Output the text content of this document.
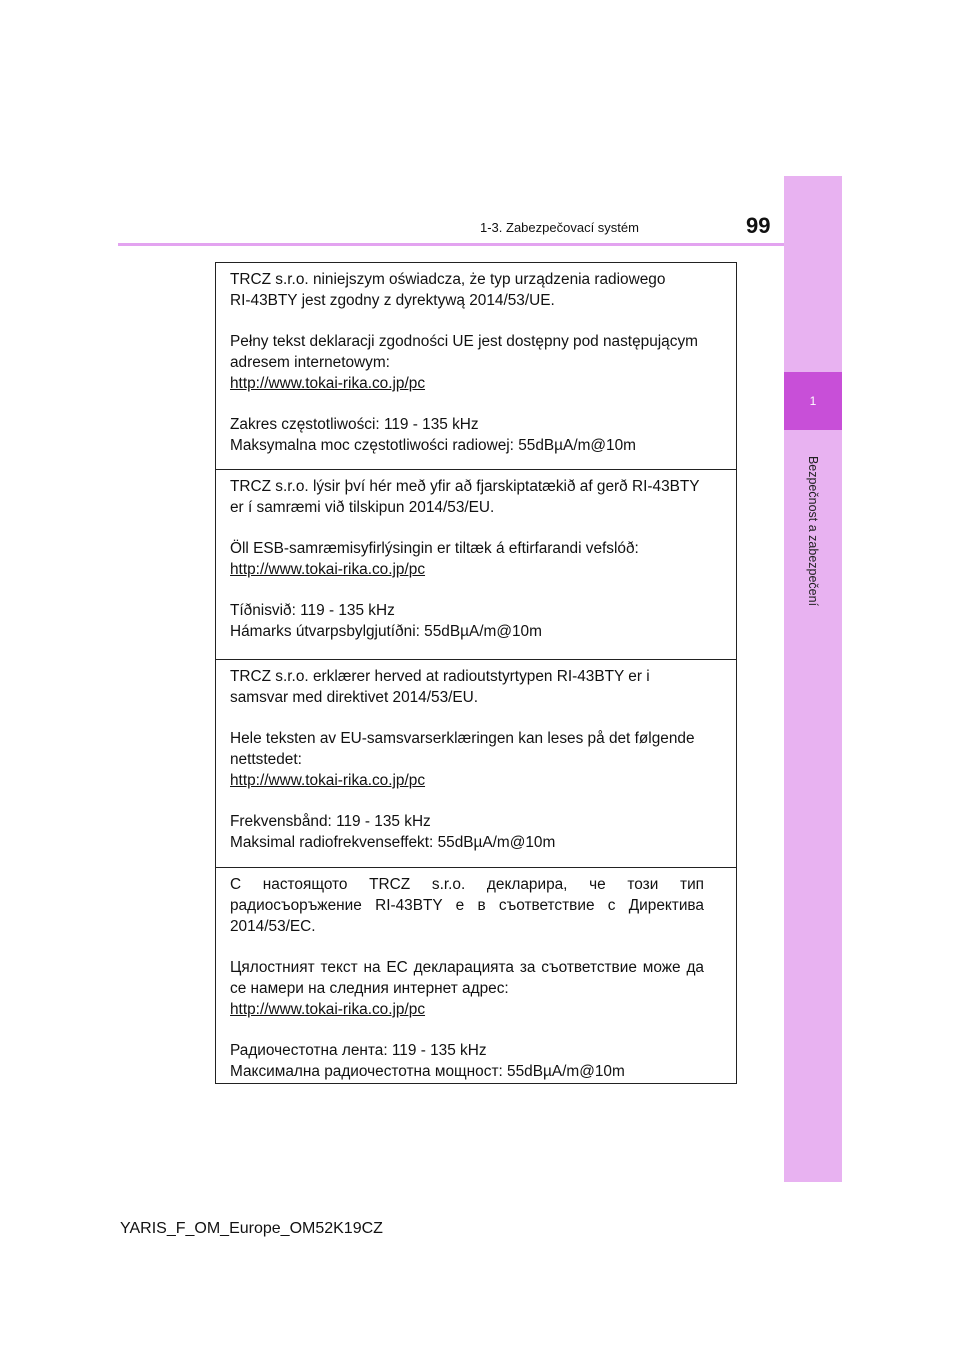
1-3. Zabezpečovací systém	99
1
Bezpečnost a zabezpečení

TRCZ s.r.o. niniejszym oświadcza, że typ urządzenia radiowego
RI-43BTY jest zgodny z dyrektywą 2014/53/UE.

Pełny tekst deklaracji zgodności UE jest dostępny pod następującym
adresem internetowym:
http://www.tokai-rika.co.jp/pc

Zakres częstotliwości: 119 - 135 kHz
Maksymalna moc częstotliwości radiowej: 55dBµA/m@10m

TRCZ s.r.o. lýsir því hér með yfir að fjarskiptatækið af gerð RI-43BTY
er í samræmi við tilskipun 2014/53/EU.

Öll ESB-samræmisyfirlýsingin er tiltæk á eftirfarandi vefslóð:
http://www.tokai-rika.co.jp/pc

Tíðnisvið: 119 - 135 kHz
Hámarks útvarpsbylgjutíðni: 55dBµA/m@10m

TRCZ s.r.o. erklærer herved at radioutstyrtypen RI-43BTY er i
samsvar med direktivet 2014/53/EU.

Hele teksten av EU-samsvarserklæringen kan leses på det følgende
nettstedet:
http://www.tokai-rika.co.jp/pc

Frekvensbånd: 119 - 135 kHz
Maksimal radiofrekvenseffekt: 55dBµA/m@10m

С настоящото TRCZ s.r.o. декларира, че този тип

радиосъоръжение RI-43BTY е в съответствие с Директива

2014/53/ЕС.

Цялостният текст на ЕС декларацията за съответствие може да

се намери на следния интернет адрес:

http://www.tokai-rika.co.jp/pc

Радиочестотна лента: 119 - 135 kHz

Максимална радиочестотна мощност: 55dBµA/m@10m

YARIS_F_OM_Europe_OM52K19CZ
